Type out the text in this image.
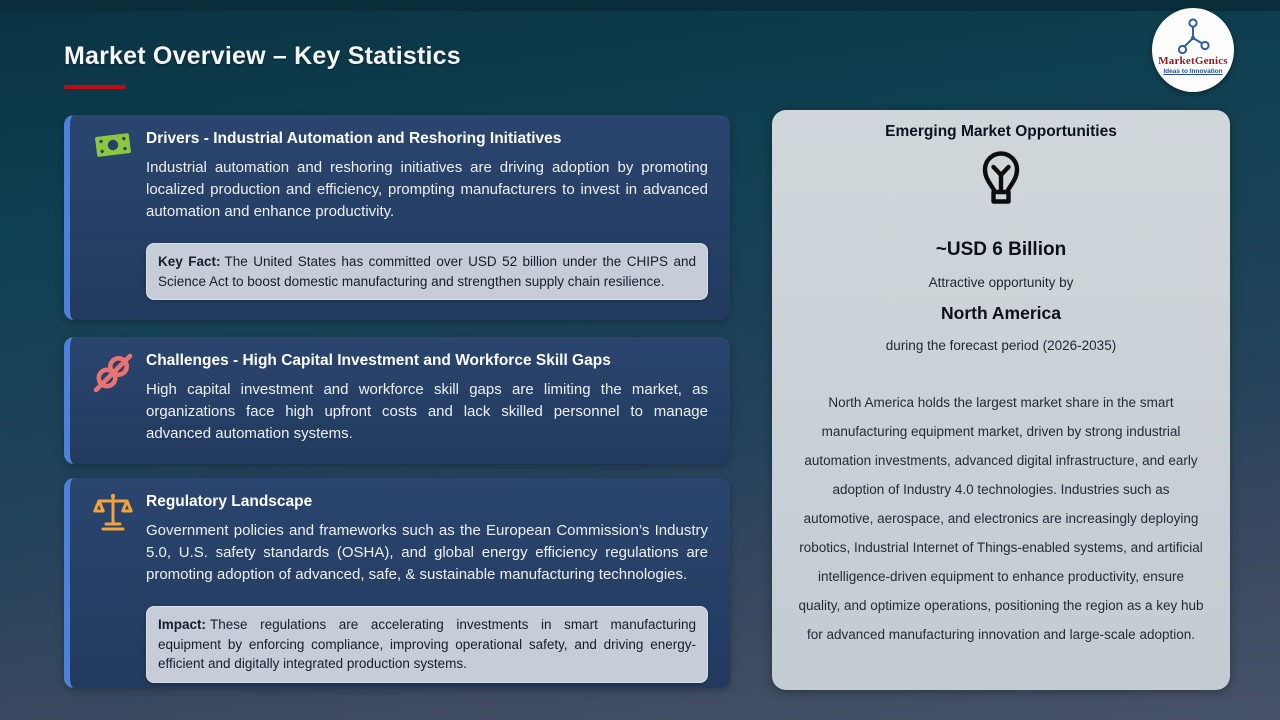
Market Overview – Key Statistics
Drivers - Industrial Automation and Reshoring Initiatives

Industrial automation and reshoring initiatives are driving adoption by promoting localized production and efficiency, prompting manufacturers to invest in advanced automation and enhance productivity.

Key Fact: The United States has committed over USD 52 billion under the CHIPS and Science Act to boost domestic manufacturing and strengthen supply chain resilience.
Challenges - High Capital Investment and Workforce Skill Gaps

High capital investment and workforce skill gaps are limiting the market, as organizations face high upfront costs and lack skilled personnel to manage advanced automation systems.

Regulatory Landscape

Government policies and frameworks such as the European Commission’s Industry 5.0, U.S. safety standards (OSHA), and global energy efficiency regulations are promoting adoption of advanced, safe, & sustainable manufacturing technologies.

Impact: These regulations are accelerating investments in smart manufacturing equipment by enforcing compliance, improving operational safety, and driving energy-efficient and digitally integrated production systems.
Emerging Market Opportunities
~USD 6 Billion
Attractive opportunity by
North America
during the forecast period (2026-2035)

North America holds the largest market share in the smart manufacturing equipment market, driven by strong industrial automation investments, advanced digital infrastructure, and early adoption of Industry 4.0 technologies. Industries such as automotive, aerospace, and electronics are increasingly deploying robotics, Industrial Internet of Things-enabled systems, and artificial intelligence-driven equipment to enhance productivity, ensure quality, and optimize operations, positioning the region as a key hub for advanced manufacturing innovation and large-scale adoption.

MarketGenics
Ideas to Innovation
